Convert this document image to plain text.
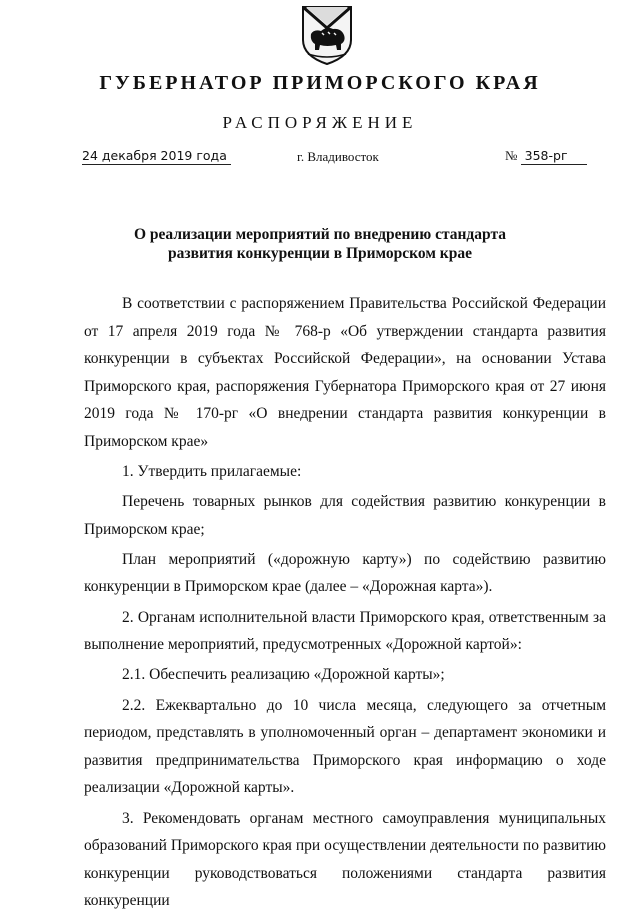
ГУБЕРНАТОР ПРИМОРСКОГО КРАЯ
РАСПОРЯЖЕНИЕ
24 декабря 2019 года	г. Владивосток	№ 358-рг
О реализации мероприятий по внедрению стандарта
развития конкуренции в Приморском крае

В соответствии с распоряжением Правительства Российской Федерации от 17 апреля 2019 года № 768-р «Об утверждении стандарта развития конкуренции в субъектах Российской Федерации», на основании Устава Приморского края, распоряжения Губернатора Приморского края от 27 июня 2019 года № 170-рг «О внедрении стандарта развития конкуренции в Приморском крае»

1. Утвердить прилагаемые:

Перечень товарных рынков для содействия развитию конкуренции в Приморском крае;

План мероприятий («дорожную карту») по содействию развитию конкуренции в Приморском крае (далее – «Дорожная карта»).

2. Органам исполнительной власти Приморского края, ответственным за выполнение мероприятий, предусмотренных «Дорожной картой»:

2.1. Обеспечить реализацию «Дорожной карты»;

2.2. Ежеквартально до 10 числа месяца, следующего за отчетным периодом, представлять в уполномоченный орган – департамент экономики и развития предпринимательства Приморского края информацию о ходе реализации «Дорожной карты».

3. Рекомендовать органам местного самоуправления муниципальных образований Приморского края при осуществлении деятельности по развитию конкуренции руководствоваться положениями стандарта развития конкуренции
